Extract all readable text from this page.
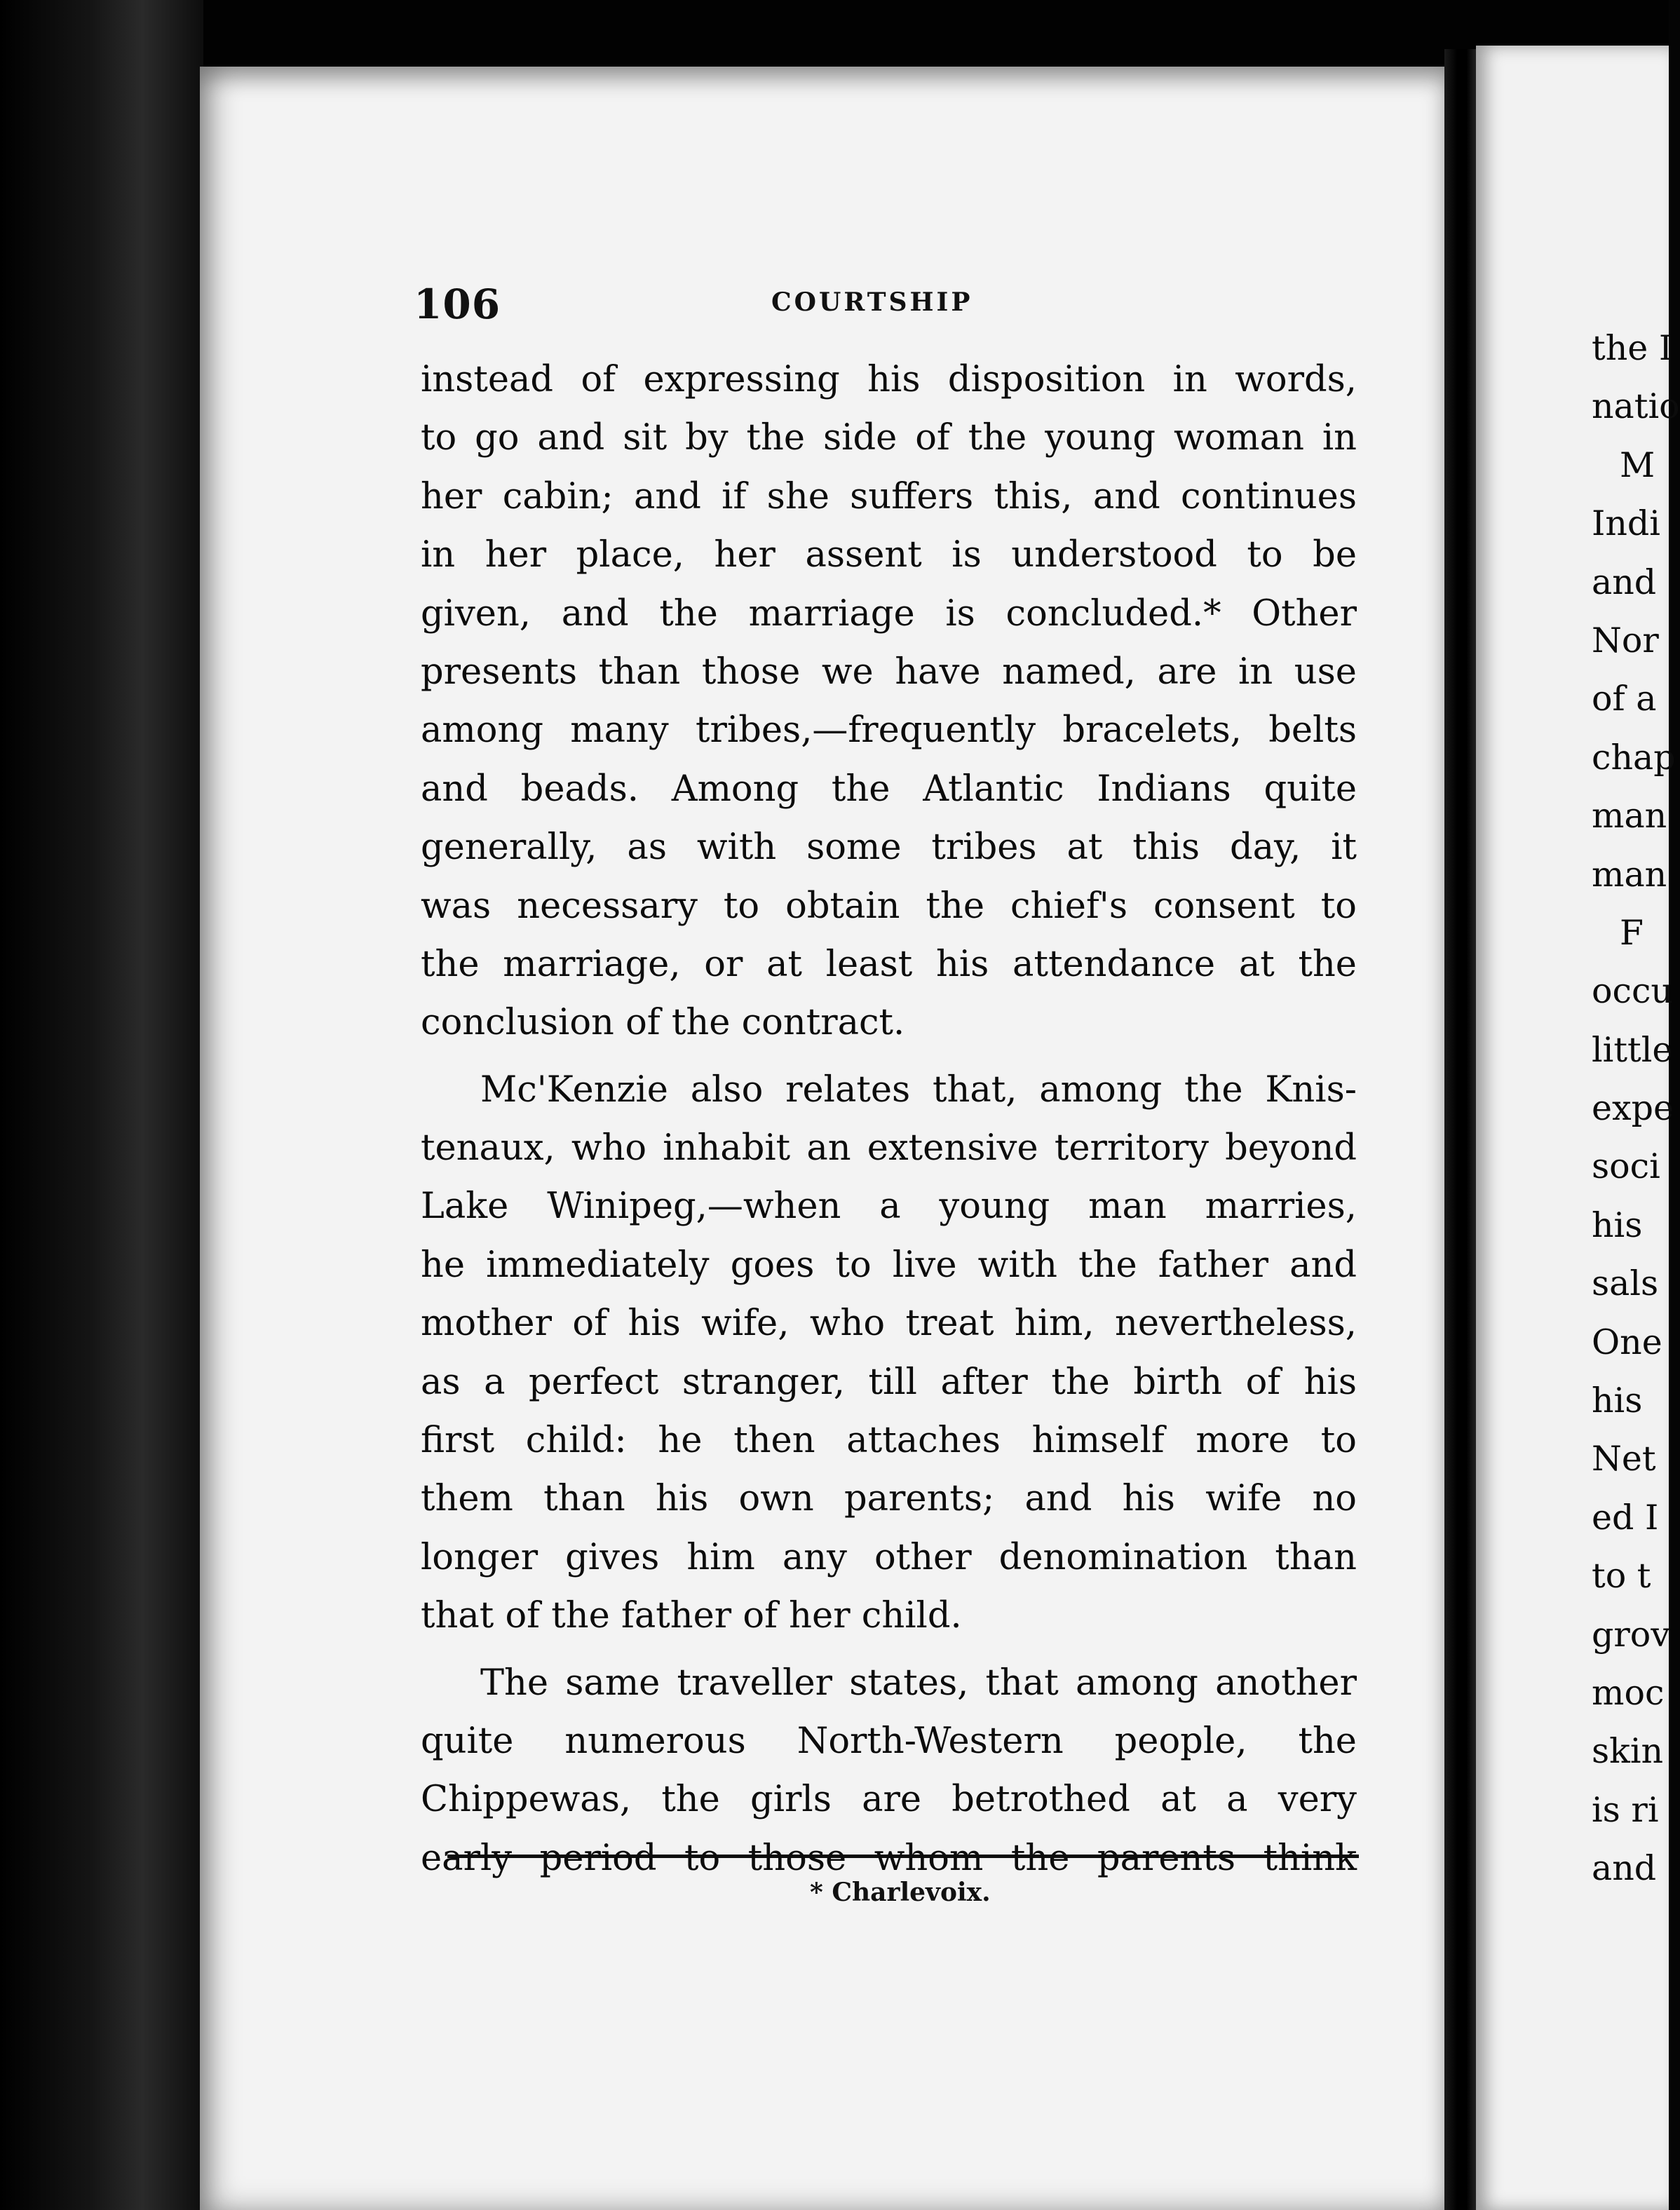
106	COURTSHIP
instead of expressing his disposition in words,
to go and sit by the side of the young woman in
her cabin; and if she suffers this, and continues
in her place, her assent is understood to be
given, and the marriage is concluded.* Other
presents than those we have named, are in use
among many tribes,—frequently bracelets, belts
and beads. Among the Atlantic Indians quite
generally, as with some tribes at this day, it
was necessary to obtain the chief's consent to
the marriage, or at least his attendance at the
conclusion of the contract.
Mc'Kenzie also relates that, among the Knis-
tenaux, who inhabit an extensive territory beyond
Lake Winipeg,—when a young man marries,
he immediately goes to live with the father and
mother of his wife, who treat him, nevertheless,
as a perfect stranger, till after the birth of his
first child: he then attaches himself more to
them than his own parents; and his wife no
longer gives him any other denomination than
that of the father of her child.
The same traveller states, that among another
quite numerous North-Western people, the
Chippewas, the girls are betrothed at a very
early period to those whom the parents think
* Charlevoix.
the I
natio
M
Indi
and
Nor
of a
chap
man
man
F
occu
little
expe
soci
his
sals
One
his
Net
ed I
to t
grov
moc
skin
is ri
and
